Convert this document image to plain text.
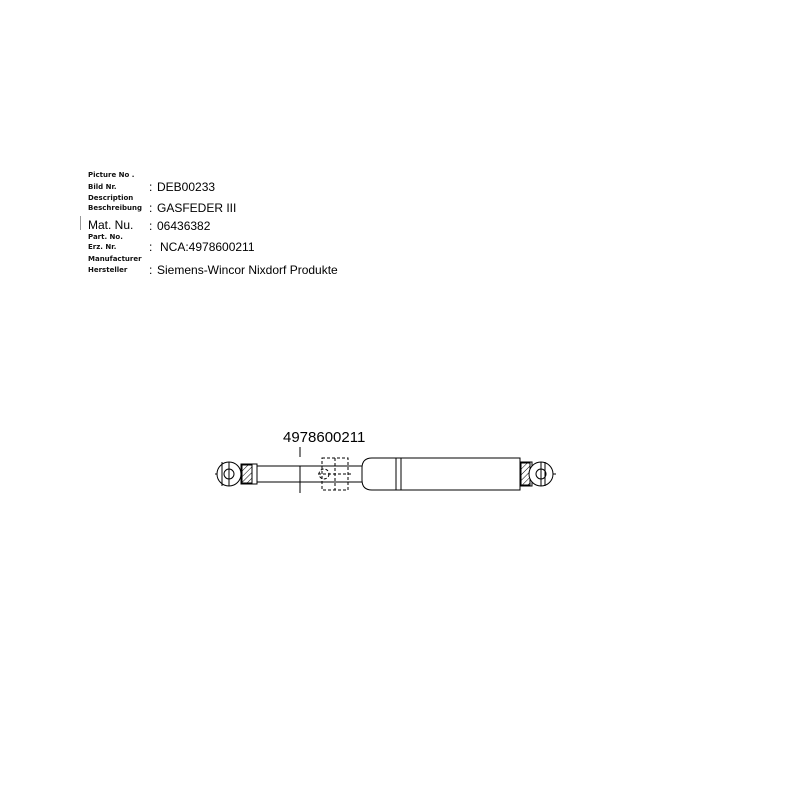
Picture No .
Bild Nr.	: DEB00233
Description
Beschreibung : GASFEDER III
Mat. Nu. : 06436382
Part. No.
Erz. Nr.	: NCA:4978600211
Manufacturer
Hersteller : Siemens-Wincor Nixdorf Produkte
4978600211
